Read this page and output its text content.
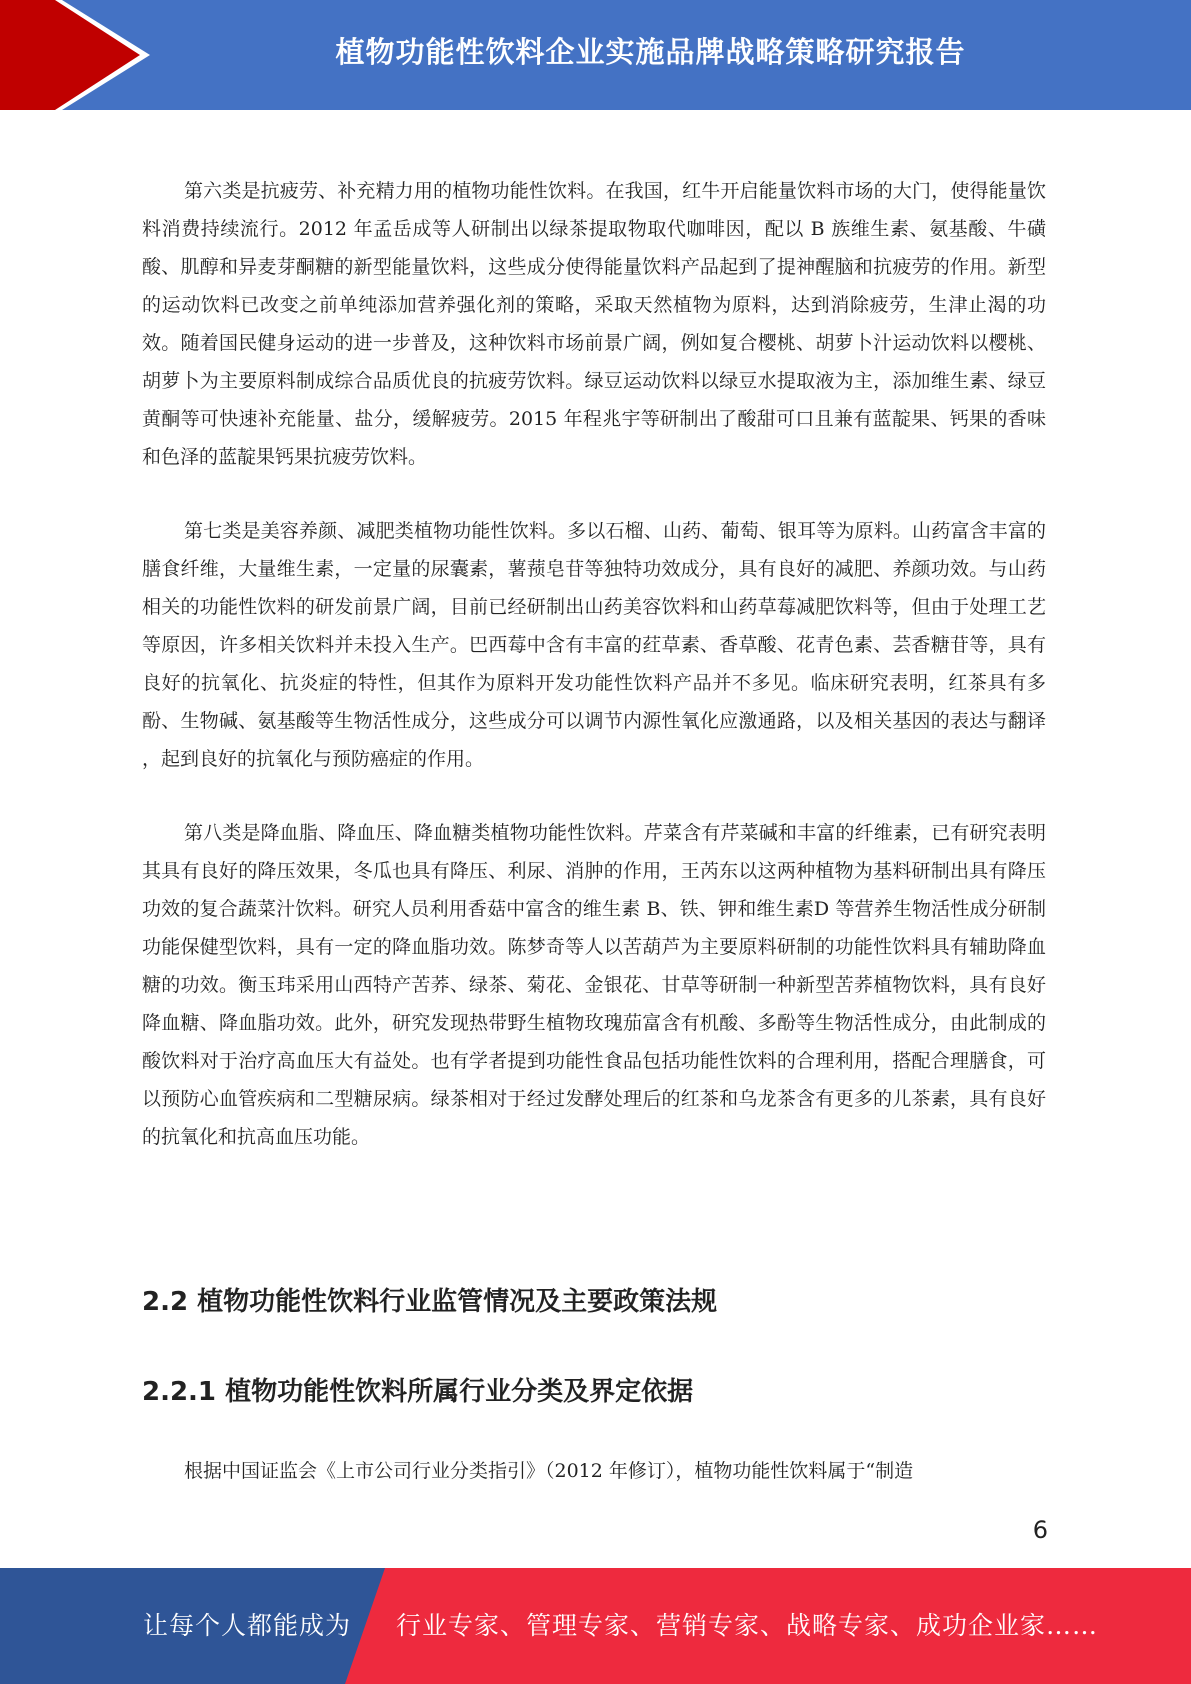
植物功能性饮料企业实施品牌战略策略研究报告

第六类是抗疲劳、补充精力用的植物功能性饮料。在我国，红牛开启能量饮料市场的大门，使得能量饮料消费持续流行。2012 年孟岳成等人研制出以绿茶提取物取代咖啡因，配以 B 族维生素、氨基酸、牛磺酸、肌醇和异麦芽酮糖的新型能量饮料，这些成分使得能量饮料产品起到了提神醒脑和抗疲劳的作用。新型的运动饮料已改变之前单纯添加营养强化剂的策略，采取天然植物为原料，达到消除疲劳，生津止渴的功效。随着国民健身运动的进一步普及，这种饮料市场前景广阔，例如复合樱桃、胡萝卜汁运动饮料以樱桃、胡萝卜为主要原料制成综合品质优良的抗疲劳饮料。绿豆运动饮料以绿豆水提取液为主，添加维生素、绿豆黄酮等可快速补充能量、盐分，缓解疲劳。2015 年程兆宇等研制出了酸甜可口且兼有蓝靛果、钙果的香味和色泽的蓝靛果钙果抗疲劳饮料。

第七类是美容养颜、减肥类植物功能性饮料。多以石榴、山药、葡萄、银耳等为原料。山药富含丰富的膳食纤维，大量维生素，一定量的尿囊素，薯蓣皂苷等独特功效成分，具有良好的减肥、养颜功效。与山药相关的功能性饮料的研发前景广阔，目前已经研制出山药美容饮料和山药草莓减肥饮料等，但由于处理工艺等原因，许多相关饮料并未投入生产。巴西莓中含有丰富的荭草素、香草酸、花青色素、芸香糖苷等，具有良好的抗氧化、抗炎症的特性，但其作为原料开发功能性饮料产品并不多见。临床研究表明，红茶具有多酚、生物碱、氨基酸等生物活性成分，这些成分可以调节内源性氧化应激通路，以及相关基因的表达与翻译 ，起到良好的抗氧化与预防癌症的作用。

第八类是降血脂、降血压、降血糖类植物功能性饮料。芹菜含有芹菜碱和丰富的纤维素，已有研究表明其具有良好的降压效果，冬瓜也具有降压、利尿、消肿的作用，王芮东以这两种植物为基料研制出具有降压功效的复合蔬菜汁饮料。研究人员利用香菇中富含的维生素 B、铁、钾和维生素D 等营养生物活性成分研制功能保健型饮料，具有一定的降血脂功效。陈梦奇等人以苦葫芦为主要原料研制的功能性饮料具有辅助降血糖的功效。衡玉玮采用山西特产苦荞、绿茶、菊花、金银花、甘草等研制一种新型苦荞植物饮料，具有良好降血糖、降血脂功效。此外，研究发现热带野生植物玫瑰茄富含有机酸、多酚等生物活性成分，由此制成的酸饮料对于治疗高血压大有益处。也有学者提到功能性食品包括功能性饮料的合理利用，搭配合理膳食，可以预防心血管疾病和二型糖尿病。绿茶相对于经过发酵处理后的红茶和乌龙茶含有更多的儿茶素，具有良好的抗氧化和抗高血压功能。

2.2 植物功能性饮料行业监管情况及主要政策法规
2.2.1 植物功能性饮料所属行业分类及界定依据

根据中国证监会《上市公司行业分类指引》（2012 年修订），植物功能性饮料属于“制造

6
让每个人都能成为 行业专家、管理专家、营销专家、战略专家、成功企业家……
